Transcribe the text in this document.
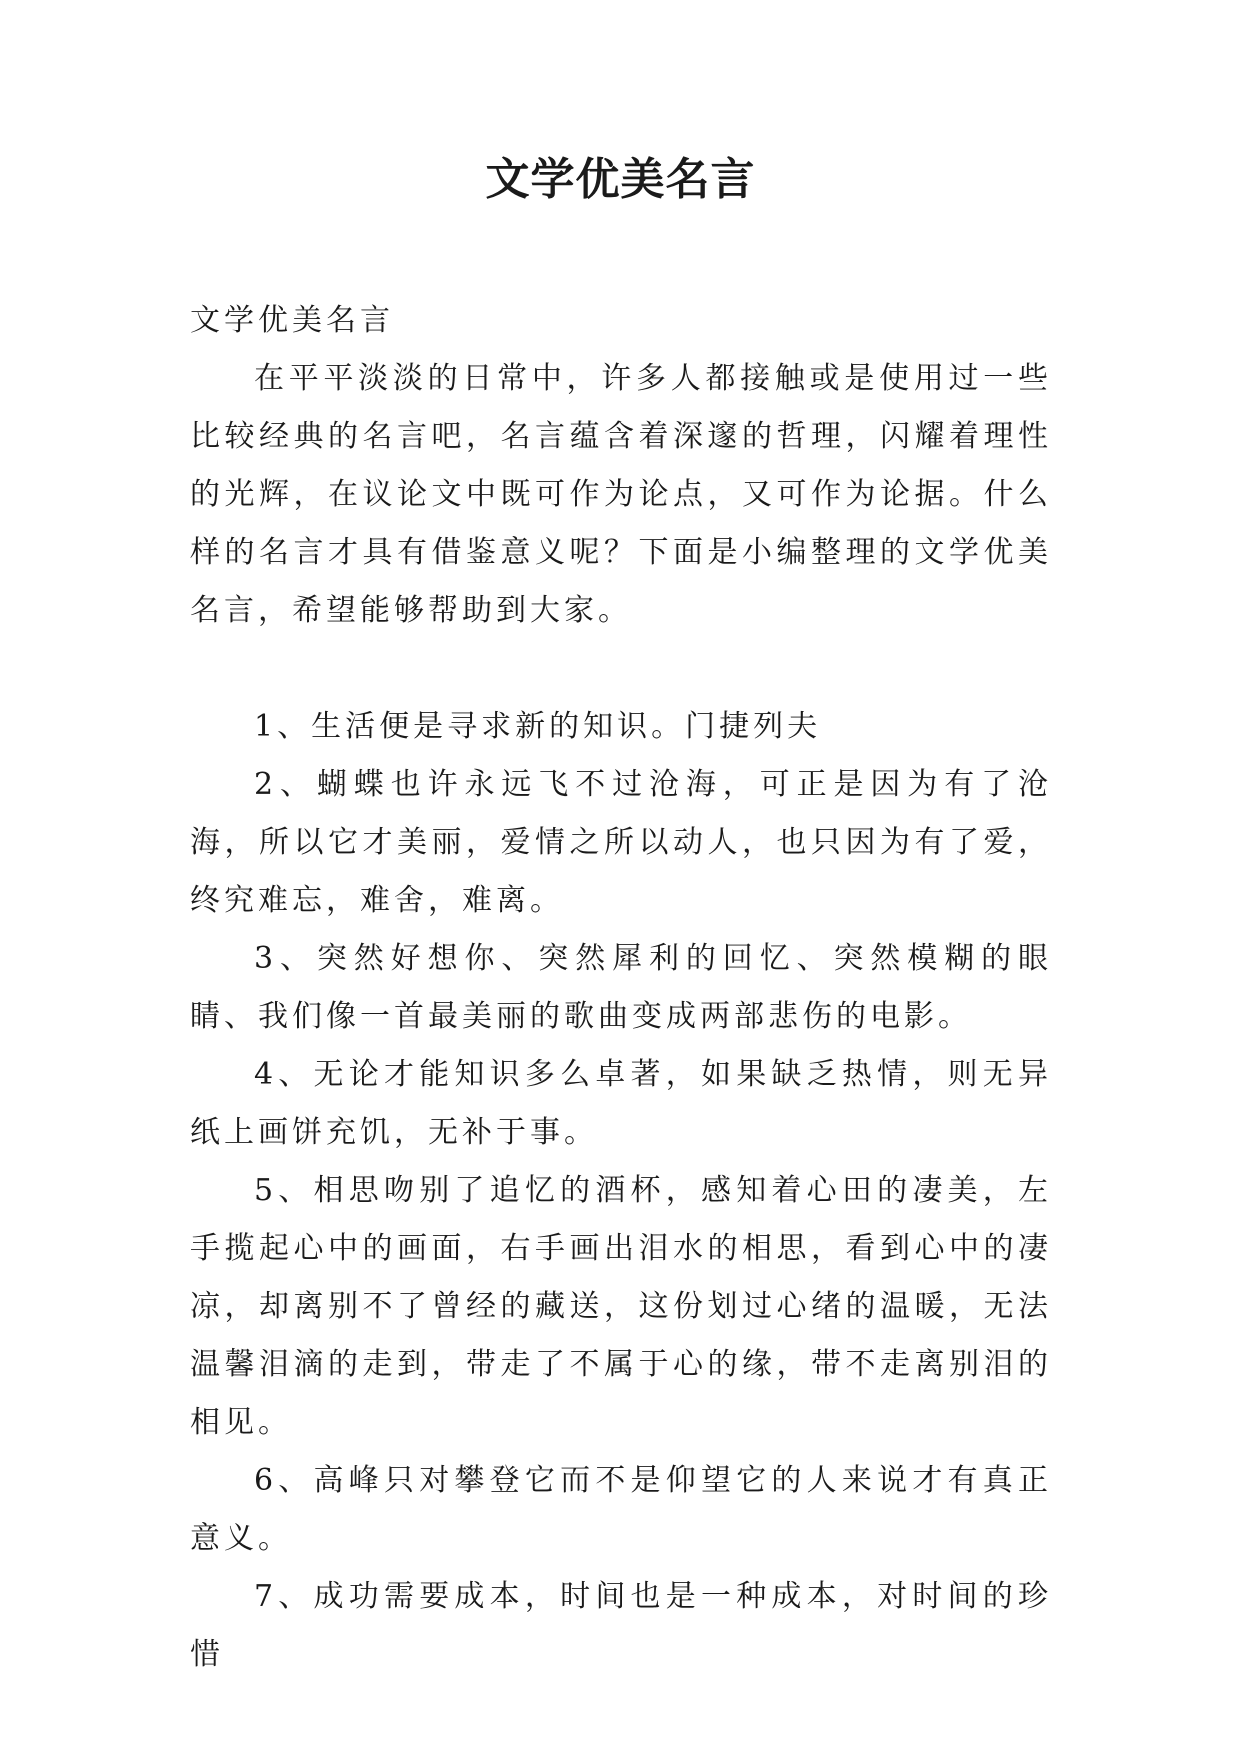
文学优美名言

文学优美名言

在平平淡淡的日常中，许多人都接触或是使用过一些比较经典的名言吧，名言蕴含着深邃的哲理，闪耀着理性的光辉，在议论文中既可作为论点，又可作为论据。什么样的名言才具有借鉴意义呢？下面是小编整理的文学优美名言，希望能够帮助到大家。

1、生活便是寻求新的知识。门捷列夫

2、蝴蝶也许永远飞不过沧海，可正是因为有了沧海，所以它才美丽，爱情之所以动人，也只因为有了爱，终究难忘，难舍，难离。

3、突然好想你、突然犀利的回忆、突然模糊的眼睛、我们像一首最美丽的歌曲变成两部悲伤的电影。

4、无论才能知识多么卓著，如果缺乏热情，则无异纸上画饼充饥，无补于事。

5、相思吻别了追忆的酒杯，感知着心田的凄美，左手揽起心中的画面，右手画出泪水的相思，看到心中的凄凉，却离别不了曾经的藏送，这份划过心绪的温暖，无法温馨泪滴的走到，带走了不属于心的缘，带不走离别泪的相见。

6、高峰只对攀登它而不是仰望它的人来说才有真正意义。

7、成功需要成本，时间也是一种成本，对时间的珍惜
